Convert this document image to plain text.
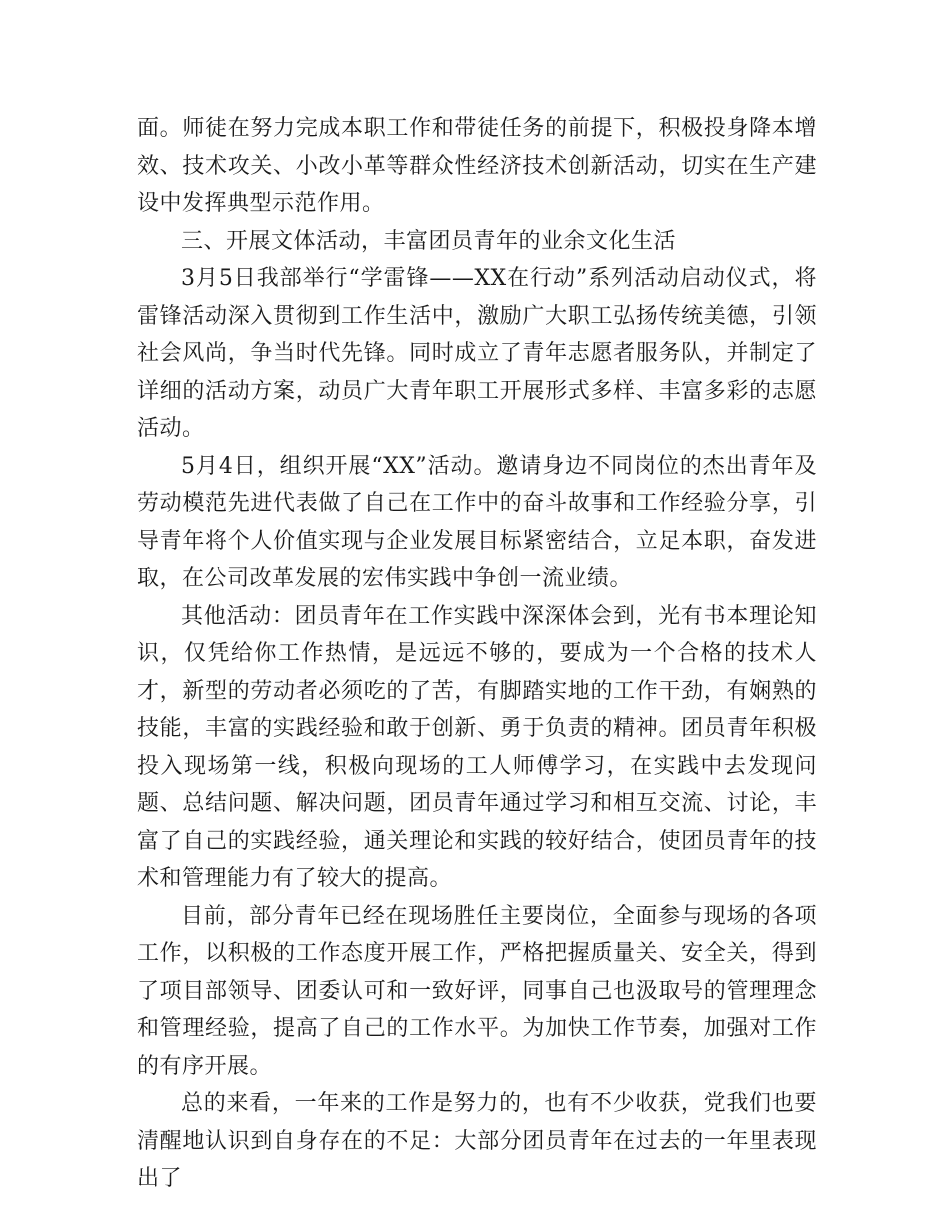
面。师徒在努力完成本职工作和带徒任务的前提下，积极投身降本增效、技术攻关、小改小革等群众性经济技术创新活动，切实在生产建设中发挥典型示范作用。

三、开展文体活动，丰富团员青年的业余文化生活

3月5日我部举行“学雷锋——XX在行动”系列活动启动仪式，将雷锋活动深入贯彻到工作生活中，激励广大职工弘扬传统美德，引领社会风尚，争当时代先锋。同时成立了青年志愿者服务队，并制定了详细的活动方案，动员广大青年职工开展形式多样、丰富多彩的志愿活动。

5月4日，组织开展“XX”活动。邀请身边不同岗位的杰出青年及劳动模范先进代表做了自己在工作中的奋斗故事和工作经验分享，引导青年将个人价值实现与企业发展目标紧密结合，立足本职，奋发进取，在公司改革发展的宏伟实践中争创一流业绩。

其他活动：团员青年在工作实践中深深体会到，光有书本理论知识，仅凭给你工作热情，是远远不够的，要成为一个合格的技术人才，新型的劳动者必须吃的了苦，有脚踏实地的工作干劲，有娴熟的技能，丰富的实践经验和敢于创新、勇于负责的精神。团员青年积极投入现场第一线，积极向现场的工人师傅学习，在实践中去发现问题、总结问题、解决问题，团员青年通过学习和相互交流、讨论，丰富了自己的实践经验，通关理论和实践的较好结合，使团员青年的技术和管理能力有了较大的提高。

目前，部分青年已经在现场胜任主要岗位，全面参与现场的各项工作，以积极的工作态度开展工作，严格把握质量关、安全关，得到了项目部领导、团委认可和一致好评，同事自己也汲取号的管理理念和管理经验，提高了自己的工作水平。为加快工作节奏，加强对工作的有序开展。

总的来看，一年来的工作是努力的，也有不少收获，党我们也要清醒地认识到自身存在的不足：大部分团员青年在过去的一年里表现出了
